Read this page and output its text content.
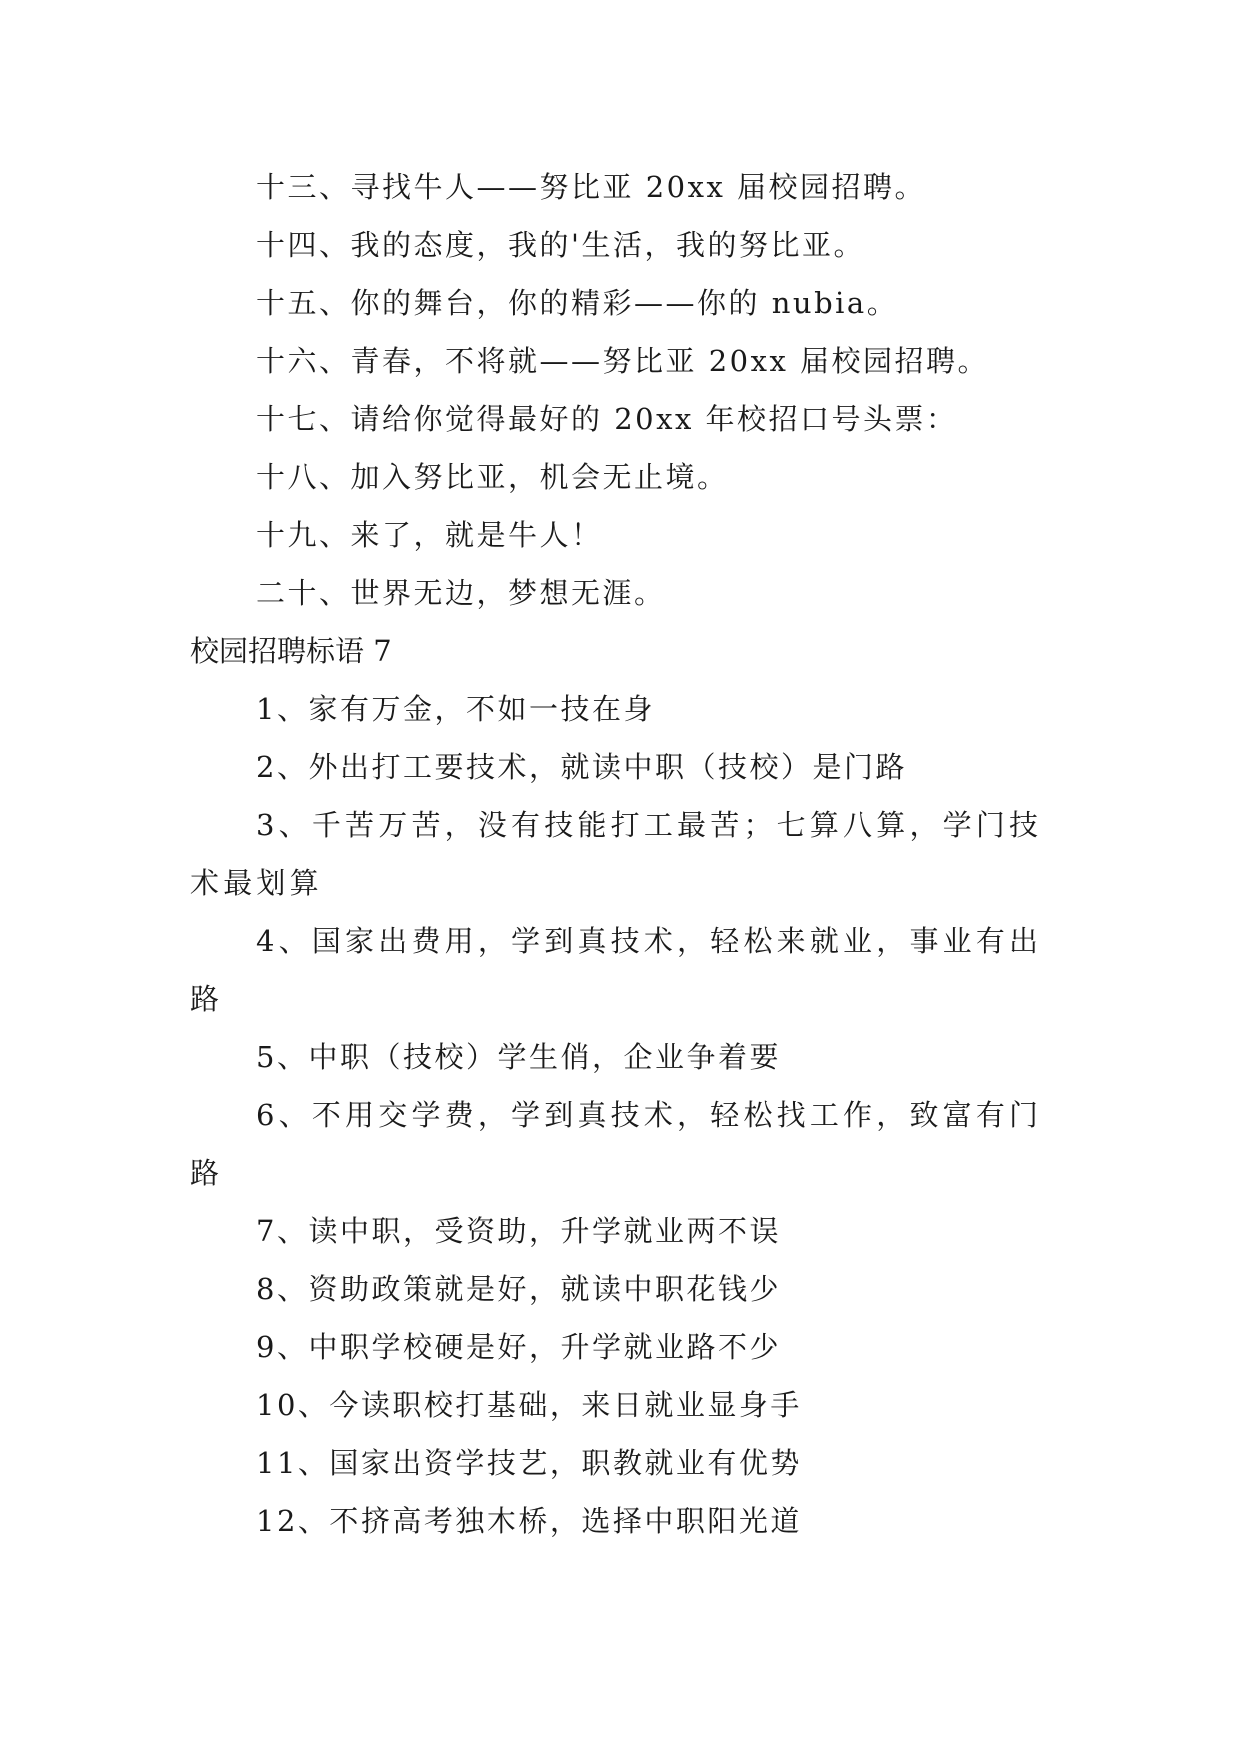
十三、寻找牛人——努比亚 20xx 届校园招聘。

十四、我的态度，我的'生活，我的努比亚。

十五、你的舞台，你的精彩——你的 nubia。

十六、青春，不将就——努比亚 20xx 届校园招聘。

十七、请给你觉得最好的 20xx 年校招口号头票：

十八、加入努比亚，机会无止境。

十九、来了，就是牛人！

二十、世界无边，梦想无涯。

校园招聘标语 7

1、家有万金，不如一技在身

2、外出打工要技术，就读中职（技校）是门路

3、千苦万苦，没有技能打工最苦；七算八算，学门技术最划算

4、国家出费用，学到真技术，轻松来就业，事业有出路

5、中职（技校）学生俏，企业争着要

6、不用交学费，学到真技术，轻松找工作，致富有门路

7、读中职，受资助，升学就业两不误

8、资助政策就是好，就读中职花钱少

9、中职学校硬是好，升学就业路不少

10、今读职校打基础，来日就业显身手

11、国家出资学技艺，职教就业有优势

12、不挤高考独木桥，选择中职阳光道
